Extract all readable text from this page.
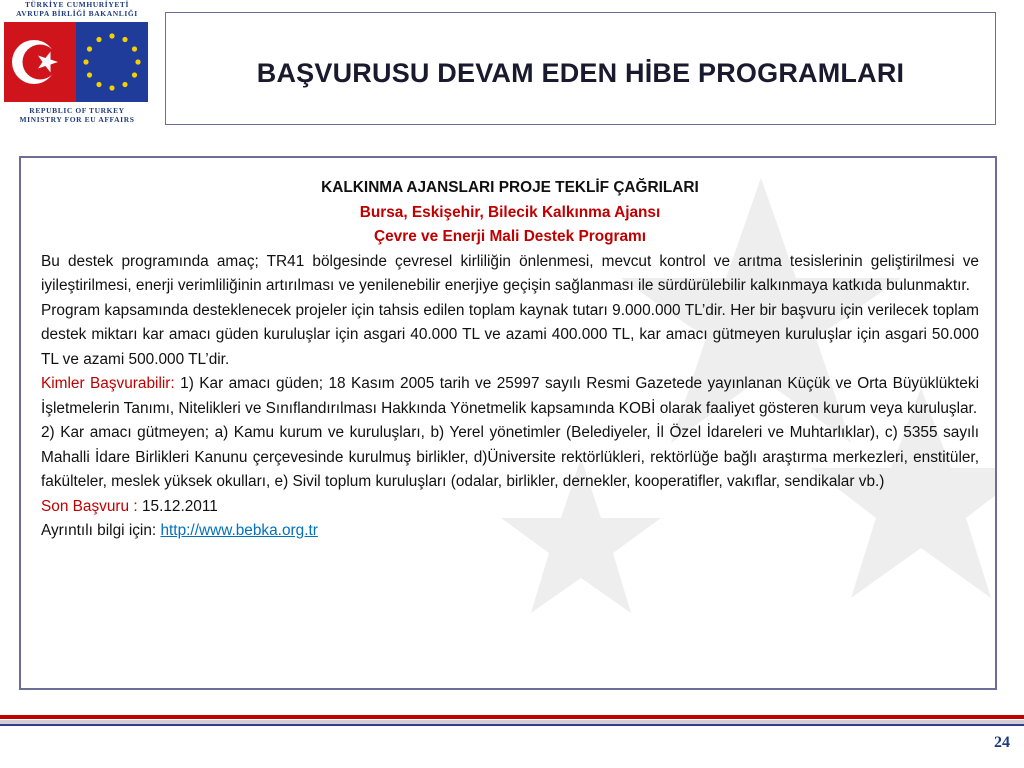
TÜRKİYE CUMHURİYETİ
AVRUPA BİRLİĞİ BAKANLIĞI
REPUBLIC OF TURKEY
MINISTRY FOR EU AFFAIRS
BAŞVURUSU DEVAM EDEN HİBE PROGRAMLARI
KALKINMA AJANSLARI PROJE TEKLİF ÇAĞRILARI
Bursa, Eskişehir, Bilecik Kalkınma Ajansı
Çevre ve Enerji Mali Destek Programı

Bu destek programında amaç; TR41 bölgesinde çevresel kirliliğin önlenmesi, mevcut kontrol ve arıtma tesislerinin geliştirilmesi ve iyileştirilmesi, enerji verimliliğinin artırılması ve yenilenebilir enerjiye geçişin sağlanması ile sürdürülebilir kalkınmaya katkıda bulunmaktır.

Program kapsamında desteklenecek projeler için tahsis edilen toplam kaynak tutarı 9.000.000 TL’dir. Her bir başvuru için verilecek toplam destek miktarı kar amacı güden kuruluşlar için asgari 40.000 TL ve azami 400.000 TL, kar amacı gütmeyen kuruluşlar için asgari 50.000 TL ve azami 500.000 TL’dir.

Kimler Başvurabilir: 1) Kar amacı güden; 18 Kasım 2005 tarih ve 25997 sayılı Resmi Gazetede yayınlanan Küçük ve Orta Büyüklükteki İşletmelerin Tanımı, Nitelikleri ve Sınıflandırılması Hakkında Yönetmelik kapsamında KOBİ olarak faaliyet gösteren kurum veya kuruluşlar.

2) Kar amacı gütmeyen; a) Kamu kurum ve kuruluşları, b) Yerel yönetimler (Belediyeler, İl Özel İdareleri ve Muhtarlıklar), c) 5355 sayılı Mahalli İdare Birlikleri Kanunu çerçevesinde kurulmuş birlikler, d)Üniversite rektörlükleri, rektörlüğe bağlı araştırma merkezleri, enstitüler, fakülteler, meslek yüksek okulları, e) Sivil toplum kuruluşları (odalar, birlikler, dernekler, kooperatifler, vakıflar, sendikalar vb.)

Son Başvuru : 15.12.2011
Ayrıntılı bilgi için: http://www.bebka.org.tr
24
